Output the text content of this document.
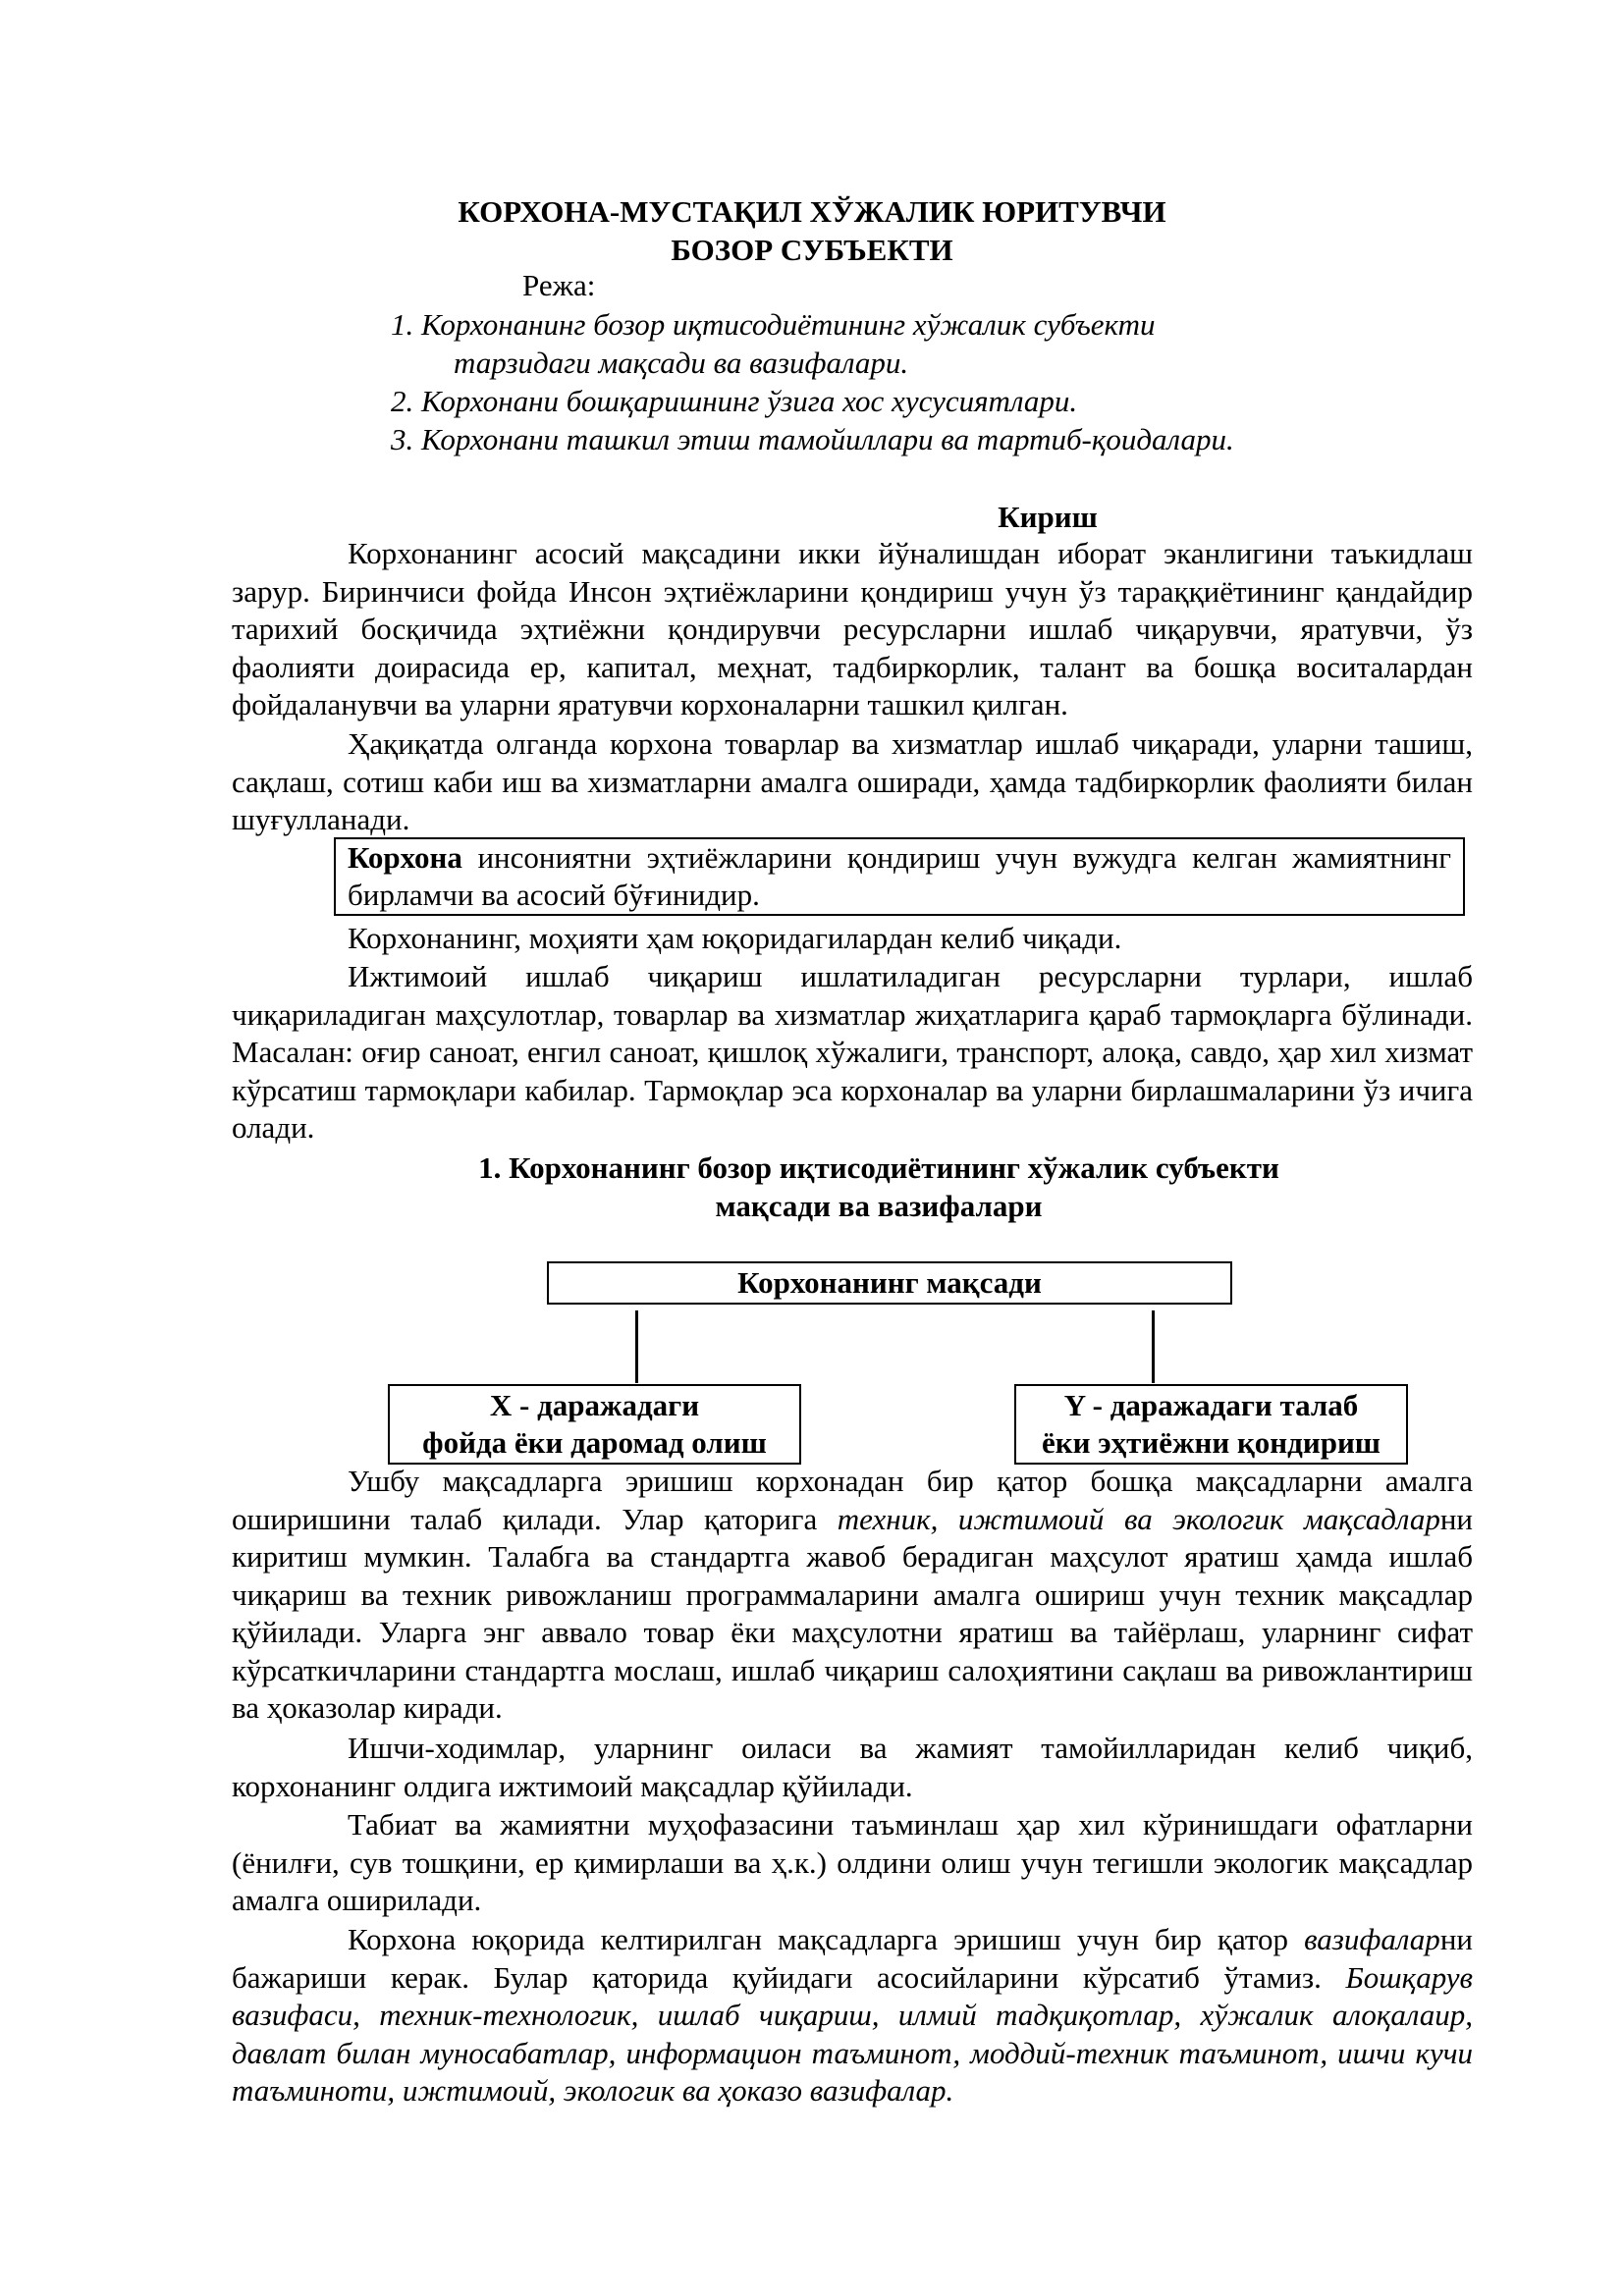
КОРХОНА-МУСТАҚИЛ ХЎЖАЛИК ЮРИТУВЧИ
БОЗОР СУБЪЕКТИ
Режа:
1. Корхонанинг бозор иқтисодиётининг хўжалик субъекти
тарзидаги мақсади ва вазифалари.
2. Корхонани бошқаришнинг ўзига хос хусусиятлари.
3. Корхонани ташкил этиш тамойиллари ва тартиб-қоидалари.
Кириш

Корхонанинг асосий мақсадини икки йўналишдан иборат эканлигини таъкидлаш зарур. Биринчиси фойда Инсон эҳтиёжларини қондириш учун ўз тараққиётининг қандайдир тарихий босқичида эҳтиёжни қондирувчи ресурсларни ишлаб чиқарувчи, яратувчи, ўз фаолияти доирасида ер, капитал, меҳнат, тадбиркорлик, талант ва бошқа воситалардан фойдаланувчи ва уларни яратувчи корхоналарни ташкил қилган.

Ҳақиқатда олганда корхона товарлар ва хизматлар ишлаб чиқаради, уларни ташиш, сақлаш, сотиш каби иш ва хизматларни амалга оширади, ҳамда тадбиркорлик фаолияти билан шуғулланади.

Корхона инсониятни эҳтиёжларини қондириш учун вужудга келган жамиятнинг бирламчи ва асосий бўғинидир.

Корхонанинг, моҳияти ҳам юқоридагилардан келиб чиқади.

Ижтимоий ишлаб чиқариш ишлатиладиган ресурсларни турлари, ишлаб чиқариладиган маҳсулотлар, товарлар ва хизматлар жиҳатларига қараб тармоқларга бўлинади. Масалан: оғир саноат, енгил саноат, қишлоқ хўжалиги, транспорт, алоқа, савдо, ҳар хил хизмат кўрсатиш тармоқлари кабилар. Тармоқлар эса корхоналар ва уларни бирлашмаларини ўз ичига олади.

1. Корхонанинг бозор иқтисодиётининг хўжалик субъекти
мақсади ва вазифалари
Корхонанинг мақсади
X - даражадаги
фойда ёки даромад олиш
Y - даражадаги талаб
ёки эҳтиёжни қондириш

Ушбу мақсадларга эришиш корхонадан бир қатор бошқа мақсадларни амалга оширишини талаб қилади. Улар қаторига техник, ижтимоий ва экологик мақсадларни киритиш мумкин. Талабга ва стандартга жавоб берадиган маҳсулот яратиш ҳамда ишлаб чиқариш ва техник ривожланиш программаларини амалга ошириш учун техник мақсадлар қўйилади. Уларга энг аввало товар ёки маҳсулотни яратиш ва тайёрлаш, уларнинг сифат кўрсаткичларини стандартга мослаш, ишлаб чиқариш салоҳиятини сақлаш ва ривожлантириш ва ҳоказолар киради.

Ишчи-ходимлар, уларнинг оиласи ва жамият тамойилларидан келиб чиқиб, корхонанинг олдига ижтимоий мақсадлар қўйилади.

Табиат ва жамиятни муҳофазасини таъминлаш ҳар хил кўринишдаги офатларни (ёнилғи, сув тошқини, ер қимирлаши ва ҳ.к.) олдини олиш учун тегишли экологик мақсадлар амалга оширилади.

Корхона юқорида келтирилган мақсадларга эришиш учун бир қатор вазифаларни бажариши керак. Булар қаторида қуйидаги асосийларини кўрсатиб ўтамиз. Бошқарув вазифаси, техник-технологик, ишлаб чиқариш, илмий тадқиқотлар, хўжалик алоқалаир, давлат билан муносабатлар, информацион таъминот, моддий-техник таъминот, ишчи кучи таъминоти, ижтимоий, экологик ва ҳоказо вазифалар.
